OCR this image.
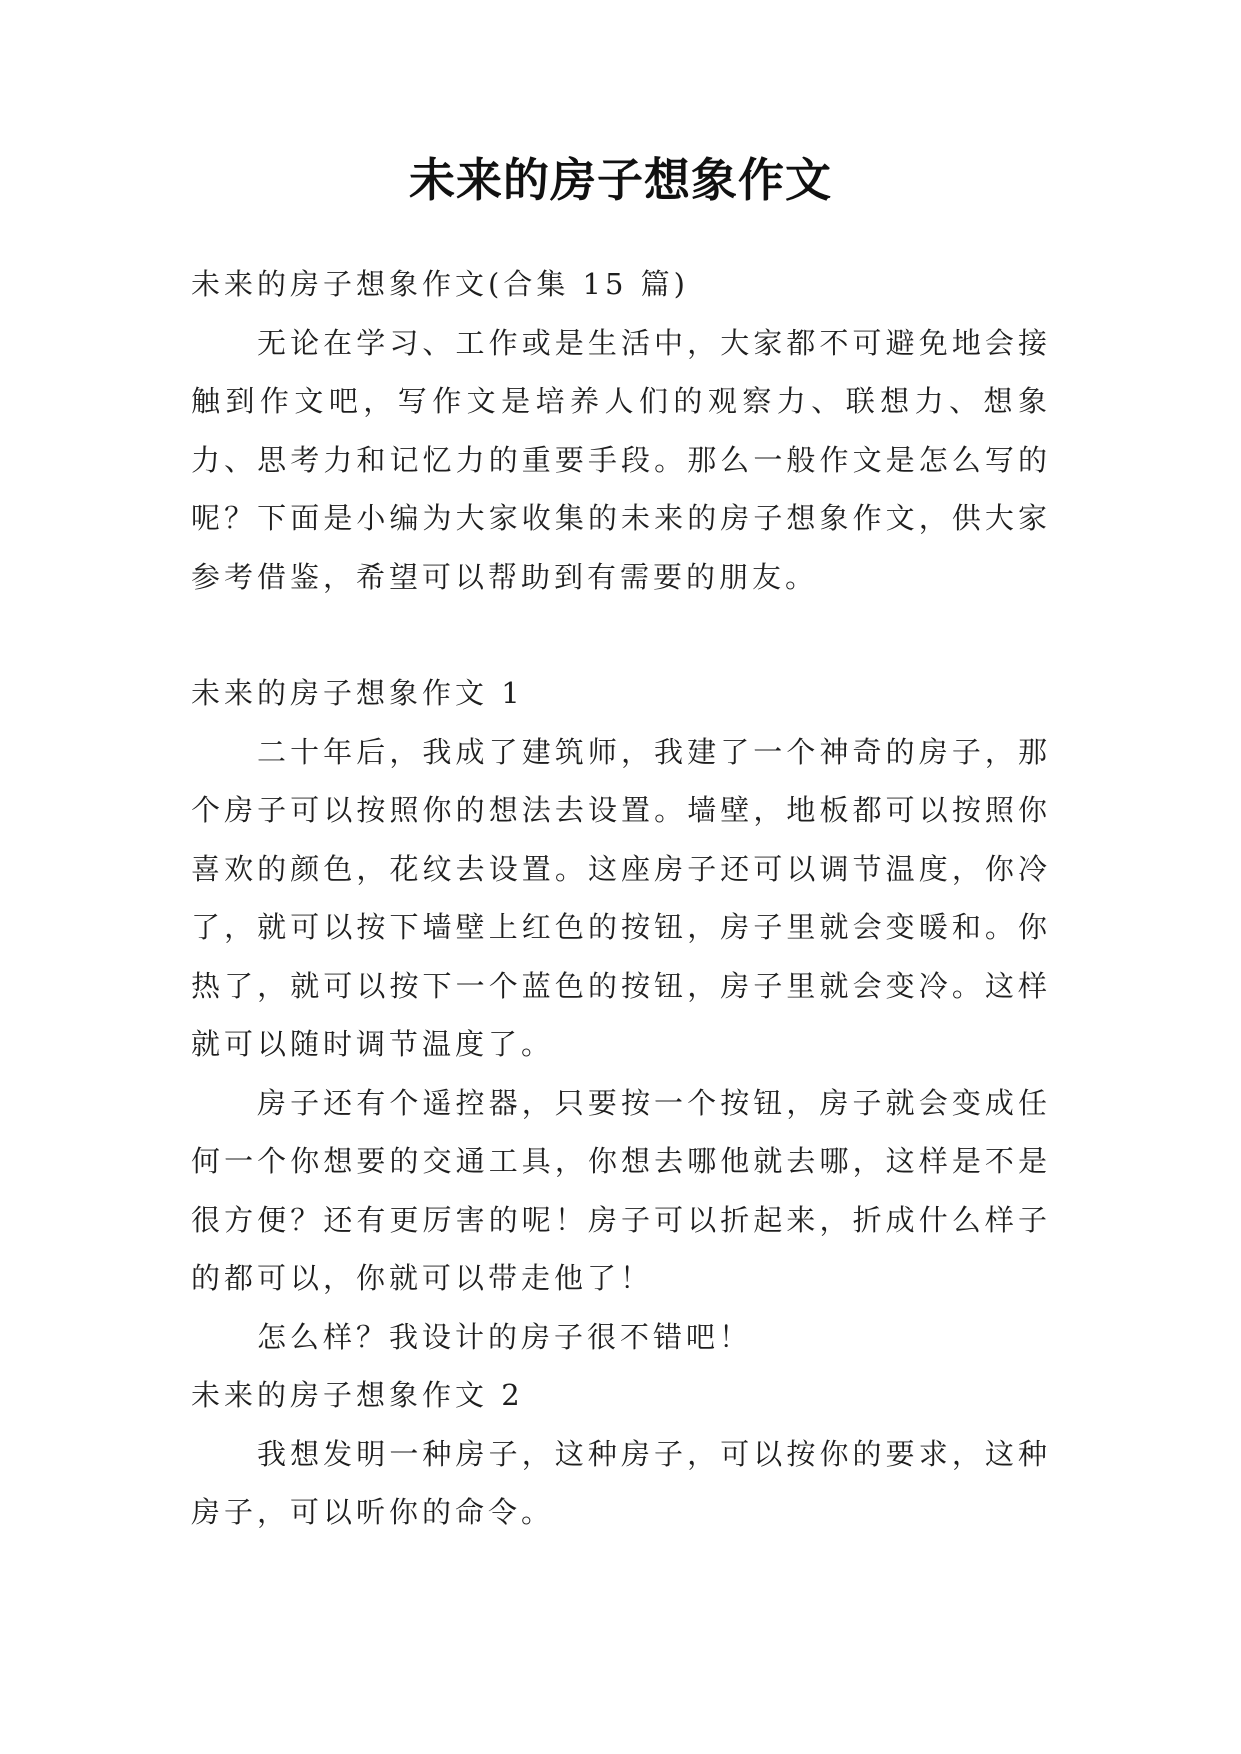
未来的房子想象作文

未来的房子想象作文(合集 15 篇)

无论在学习、工作或是生活中，大家都不可避免地会接触到作文吧，写作文是培养人们的观察力、联想力、想象力、思考力和记忆力的重要手段。那么一般作文是怎么写的呢？下面是小编为大家收集的未来的房子想象作文，供大家参考借鉴，希望可以帮助到有需要的朋友。

未来的房子想象作文 1

二十年后，我成了建筑师，我建了一个神奇的房子，那个房子可以按照你的想法去设置。墙壁，地板都可以按照你喜欢的颜色，花纹去设置。这座房子还可以调节温度，你冷了，就可以按下墙壁上红色的按钮，房子里就会变暖和。你热了，就可以按下一个蓝色的按钮，房子里就会变冷。这样就可以随时调节温度了。

房子还有个遥控器，只要按一个按钮，房子就会变成任何一个你想要的交通工具，你想去哪他就去哪，这样是不是很方便？还有更厉害的呢！房子可以折起来，折成什么样子的都可以，你就可以带走他了！

怎么样？我设计的房子很不错吧！

未来的房子想象作文 2

我想发明一种房子，这种房子，可以按你的要求，这种房子，可以听你的命令。
